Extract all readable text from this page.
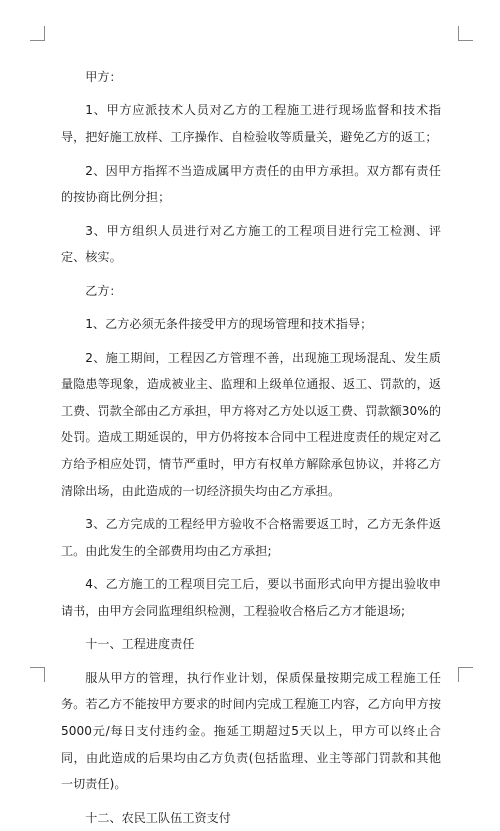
甲方：

1、甲方应派技术人员对乙方的工程施工进行现场监督和技术指导，把好施工放样、工序操作、自检验收等质量关，避免乙方的返工；

2、因甲方指挥不当造成属甲方责任的由甲方承担。双方都有责任的按协商比例分担；

3、甲方组织人员进行对乙方施工的工程项目进行完工检测、评定、核实。

乙方：

1、乙方必须无条件接受甲方的现场管理和技术指导；

2、施工期间，工程因乙方管理不善，出现施工现场混乱、发生质量隐患等现象，造成被业主、监理和上级单位通报、返工、罚款的，返工费、罚款全部由乙方承担，甲方将对乙方处以返工费、罚款额30%的处罚。造成工期延误的，甲方仍将按本合同中工程进度责任的规定对乙方给予相应处罚，情节严重时，甲方有权单方解除承包协议，并将乙方清除出场，由此造成的一切经济损失均由乙方承担。

3、乙方完成的工程经甲方验收不合格需要返工时，乙方无条件返工。由此发生的全部费用均由乙方承担;

4、乙方施工的工程项目完工后，要以书面形式向甲方提出验收申请书，由甲方会同监理组织检测，工程验收合格后乙方才能退场;

十一、工程进度责任

服从甲方的管理，执行作业计划，保质保量按期完成工程施工任务。若乙方不能按甲方要求的时间内完成工程施工内容，乙方向甲方按5000元/每日支付违约金。拖延工期超过5天以上，甲方可以终止合同，由此造成的后果均由乙方负责(包括监理、业主等部门罚款和其他一切责任)。

十二、农民工队伍工资支付
